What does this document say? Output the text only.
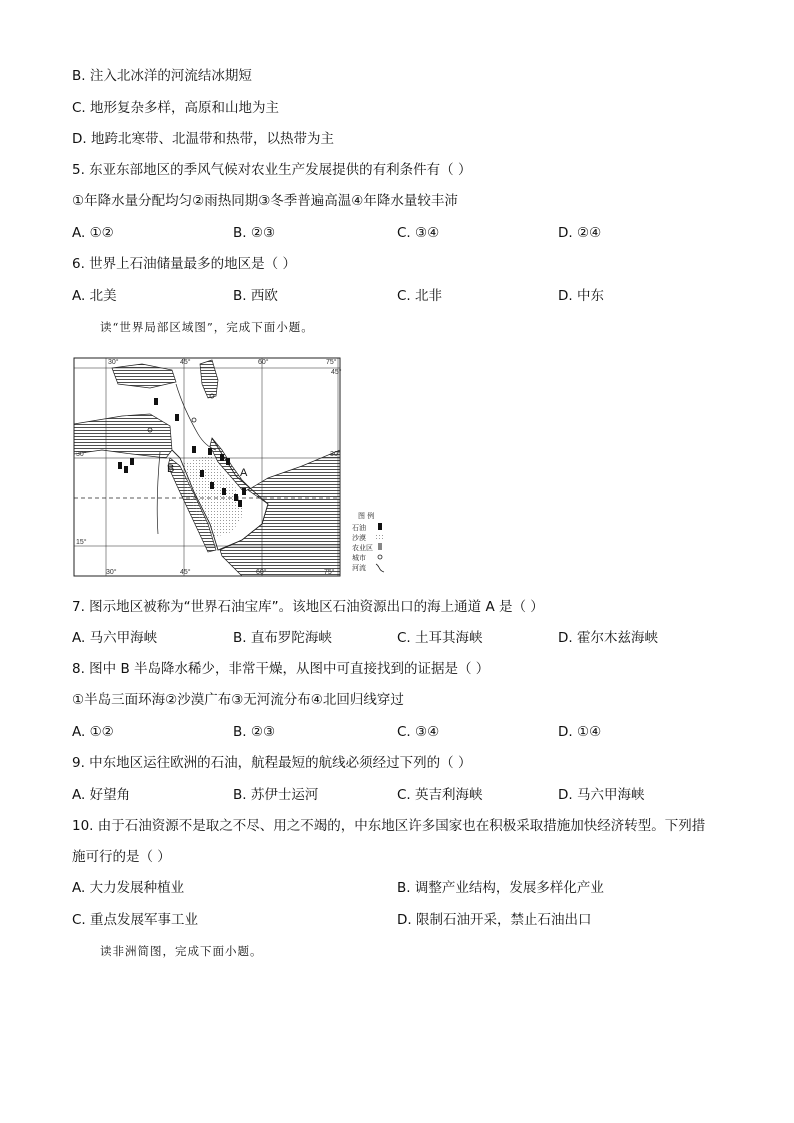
B. 注入北冰洋的河流结冰期短
C. 地形复杂多样，高原和山地为主
D. 地跨北寒带、北温带和热带，以热带为主
5. 东亚东部地区的季风气候对农业生产发展提供的有利条件有（ ）
①年降水量分配均匀②雨热同期③冬季普遍高温④年降水量较丰沛
A. ①②	B. ②③	C. ③④	D. ②④
6. 世界上石油储量最多的地区是（ ）
A. 北美	B. 西欧	C. 北非	D. 中东
读“世界局部区域图”，完成下面小题。
B	A
30°	45°	60°	75°
45°
30°
30°
15°
30°	45°	60°	75°
图 例
石油
沙漠
农业区
城市
河流
7. 图示地区被称为“世界石油宝库”。该地区石油资源出口的海上通道 A 是（ ）
A. 马六甲海峡	B. 直布罗陀海峡	C. 土耳其海峡	D. 霍尔木兹海峡
8. 图中 B 半岛降水稀少，非常干燥，从图中可直接找到的证据是（ ）
①半岛三面环海②沙漠广布③无河流分布④北回归线穿过
A. ①②	B. ②③	C. ③④	D. ①④
9. 中东地区运往欧洲的石油，航程最短的航线必须经过下列的（ ）
A. 好望角	B. 苏伊士运河	C. 英吉利海峡	D. 马六甲海峡
10. 由于石油资源不是取之不尽、用之不竭的，中东地区许多国家也在积极采取措施加快经济转型。下列措
施可行的是（ ）
A. 大力发展种植业	B. 调整产业结构，发展多样化产业
C. 重点发展军事工业	D. 限制石油开采，禁止石油出口
读非洲简图，完成下面小题。
